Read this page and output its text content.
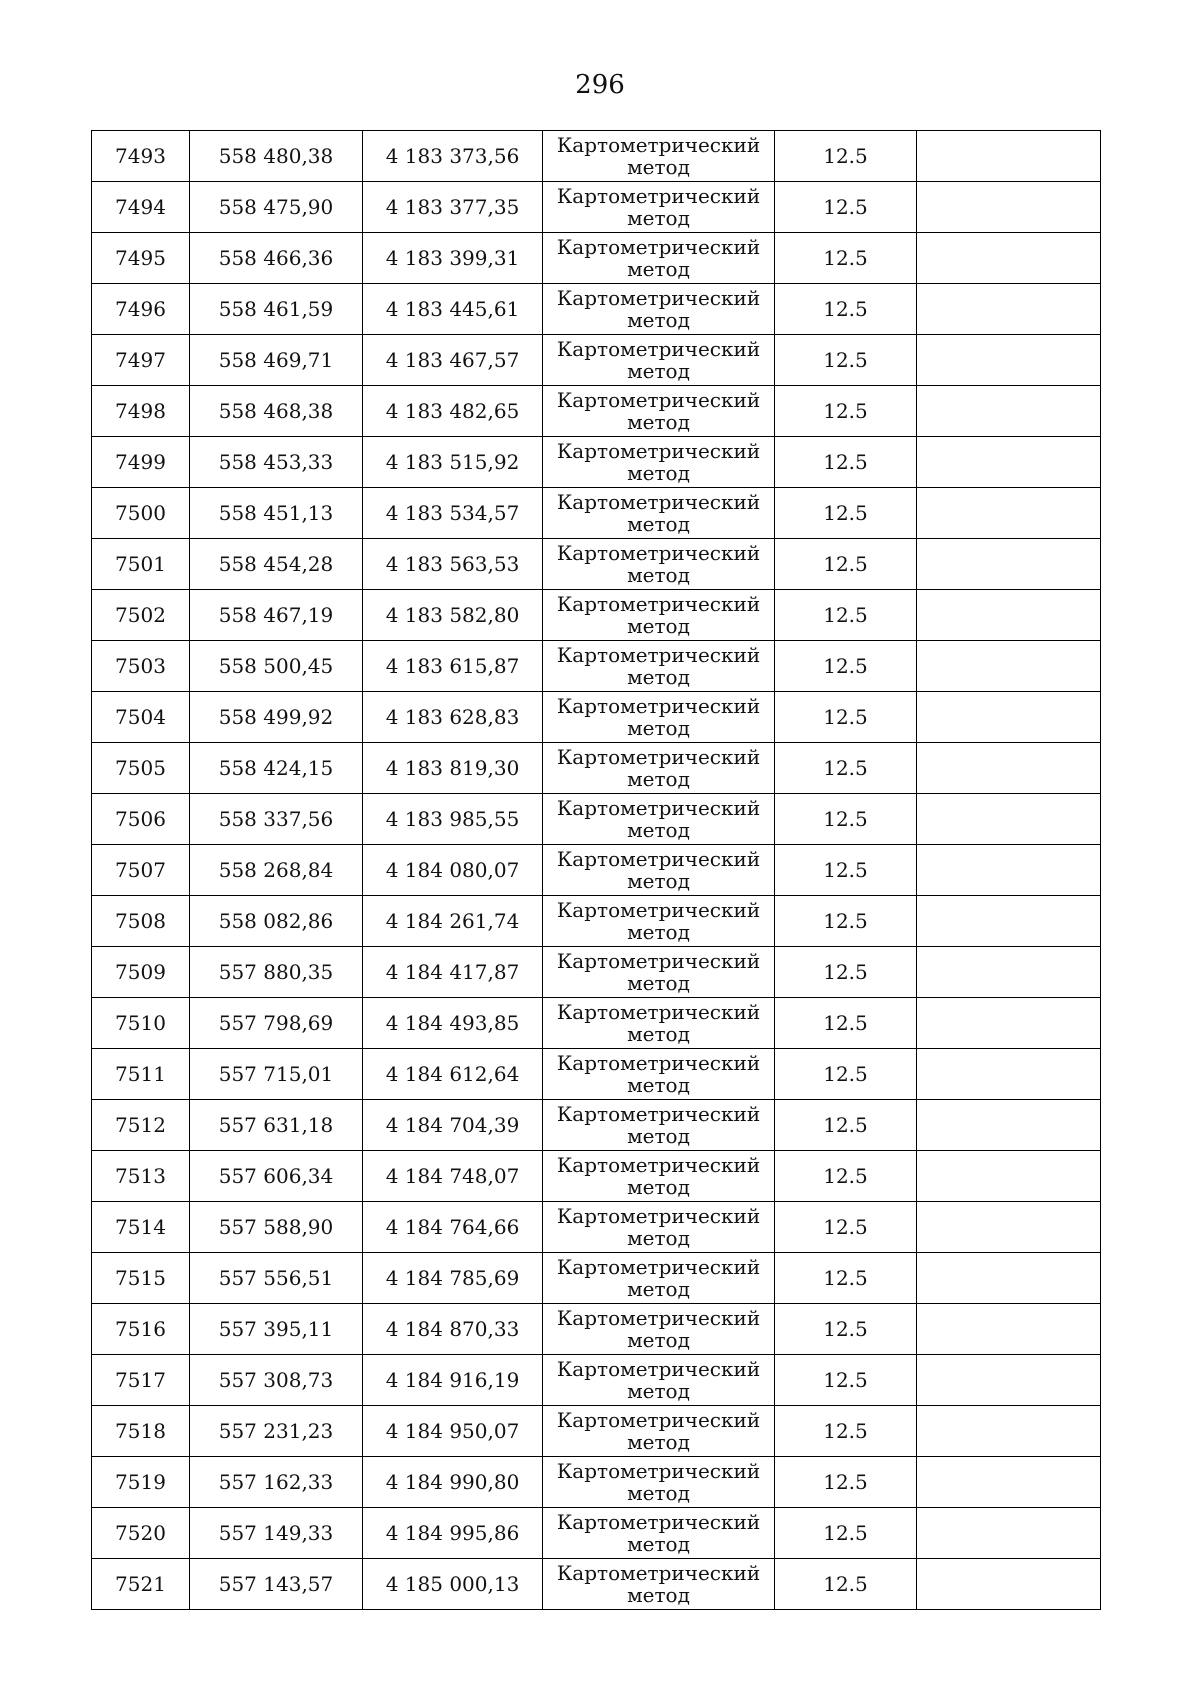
296
7493	558 480,38	4 183 373,56	Картометрический
метод	12.5	
7494	558 475,90	4 183 377,35	Картометрический
метод	12.5	
7495	558 466,36	4 183 399,31	Картометрический
метод	12.5	
7496	558 461,59	4 183 445,61	Картометрический
метод	12.5	
7497	558 469,71	4 183 467,57	Картометрический
метод	12.5	
7498	558 468,38	4 183 482,65	Картометрический
метод	12.5	
7499	558 453,33	4 183 515,92	Картометрический
метод	12.5	
7500	558 451,13	4 183 534,57	Картометрический
метод	12.5	
7501	558 454,28	4 183 563,53	Картометрический
метод	12.5	
7502	558 467,19	4 183 582,80	Картометрический
метод	12.5	
7503	558 500,45	4 183 615,87	Картометрический
метод	12.5	
7504	558 499,92	4 183 628,83	Картометрический
метод	12.5	
7505	558 424,15	4 183 819,30	Картометрический
метод	12.5	
7506	558 337,56	4 183 985,55	Картометрический
метод	12.5	
7507	558 268,84	4 184 080,07	Картометрический
метод	12.5	
7508	558 082,86	4 184 261,74	Картометрический
метод	12.5	
7509	557 880,35	4 184 417,87	Картометрический
метод	12.5	
7510	557 798,69	4 184 493,85	Картометрический
метод	12.5	
7511	557 715,01	4 184 612,64	Картометрический
метод	12.5	
7512	557 631,18	4 184 704,39	Картометрический
метод	12.5	
7513	557 606,34	4 184 748,07	Картометрический
метод	12.5	
7514	557 588,90	4 184 764,66	Картометрический
метод	12.5	
7515	557 556,51	4 184 785,69	Картометрический
метод	12.5	
7516	557 395,11	4 184 870,33	Картометрический
метод	12.5	
7517	557 308,73	4 184 916,19	Картометрический
метод	12.5	
7518	557 231,23	4 184 950,07	Картометрический
метод	12.5	
7519	557 162,33	4 184 990,80	Картометрический
метод	12.5	
7520	557 149,33	4 184 995,86	Картометрический
метод	12.5	
7521	557 143,57	4 185 000,13	Картометрический
метод	12.5	
